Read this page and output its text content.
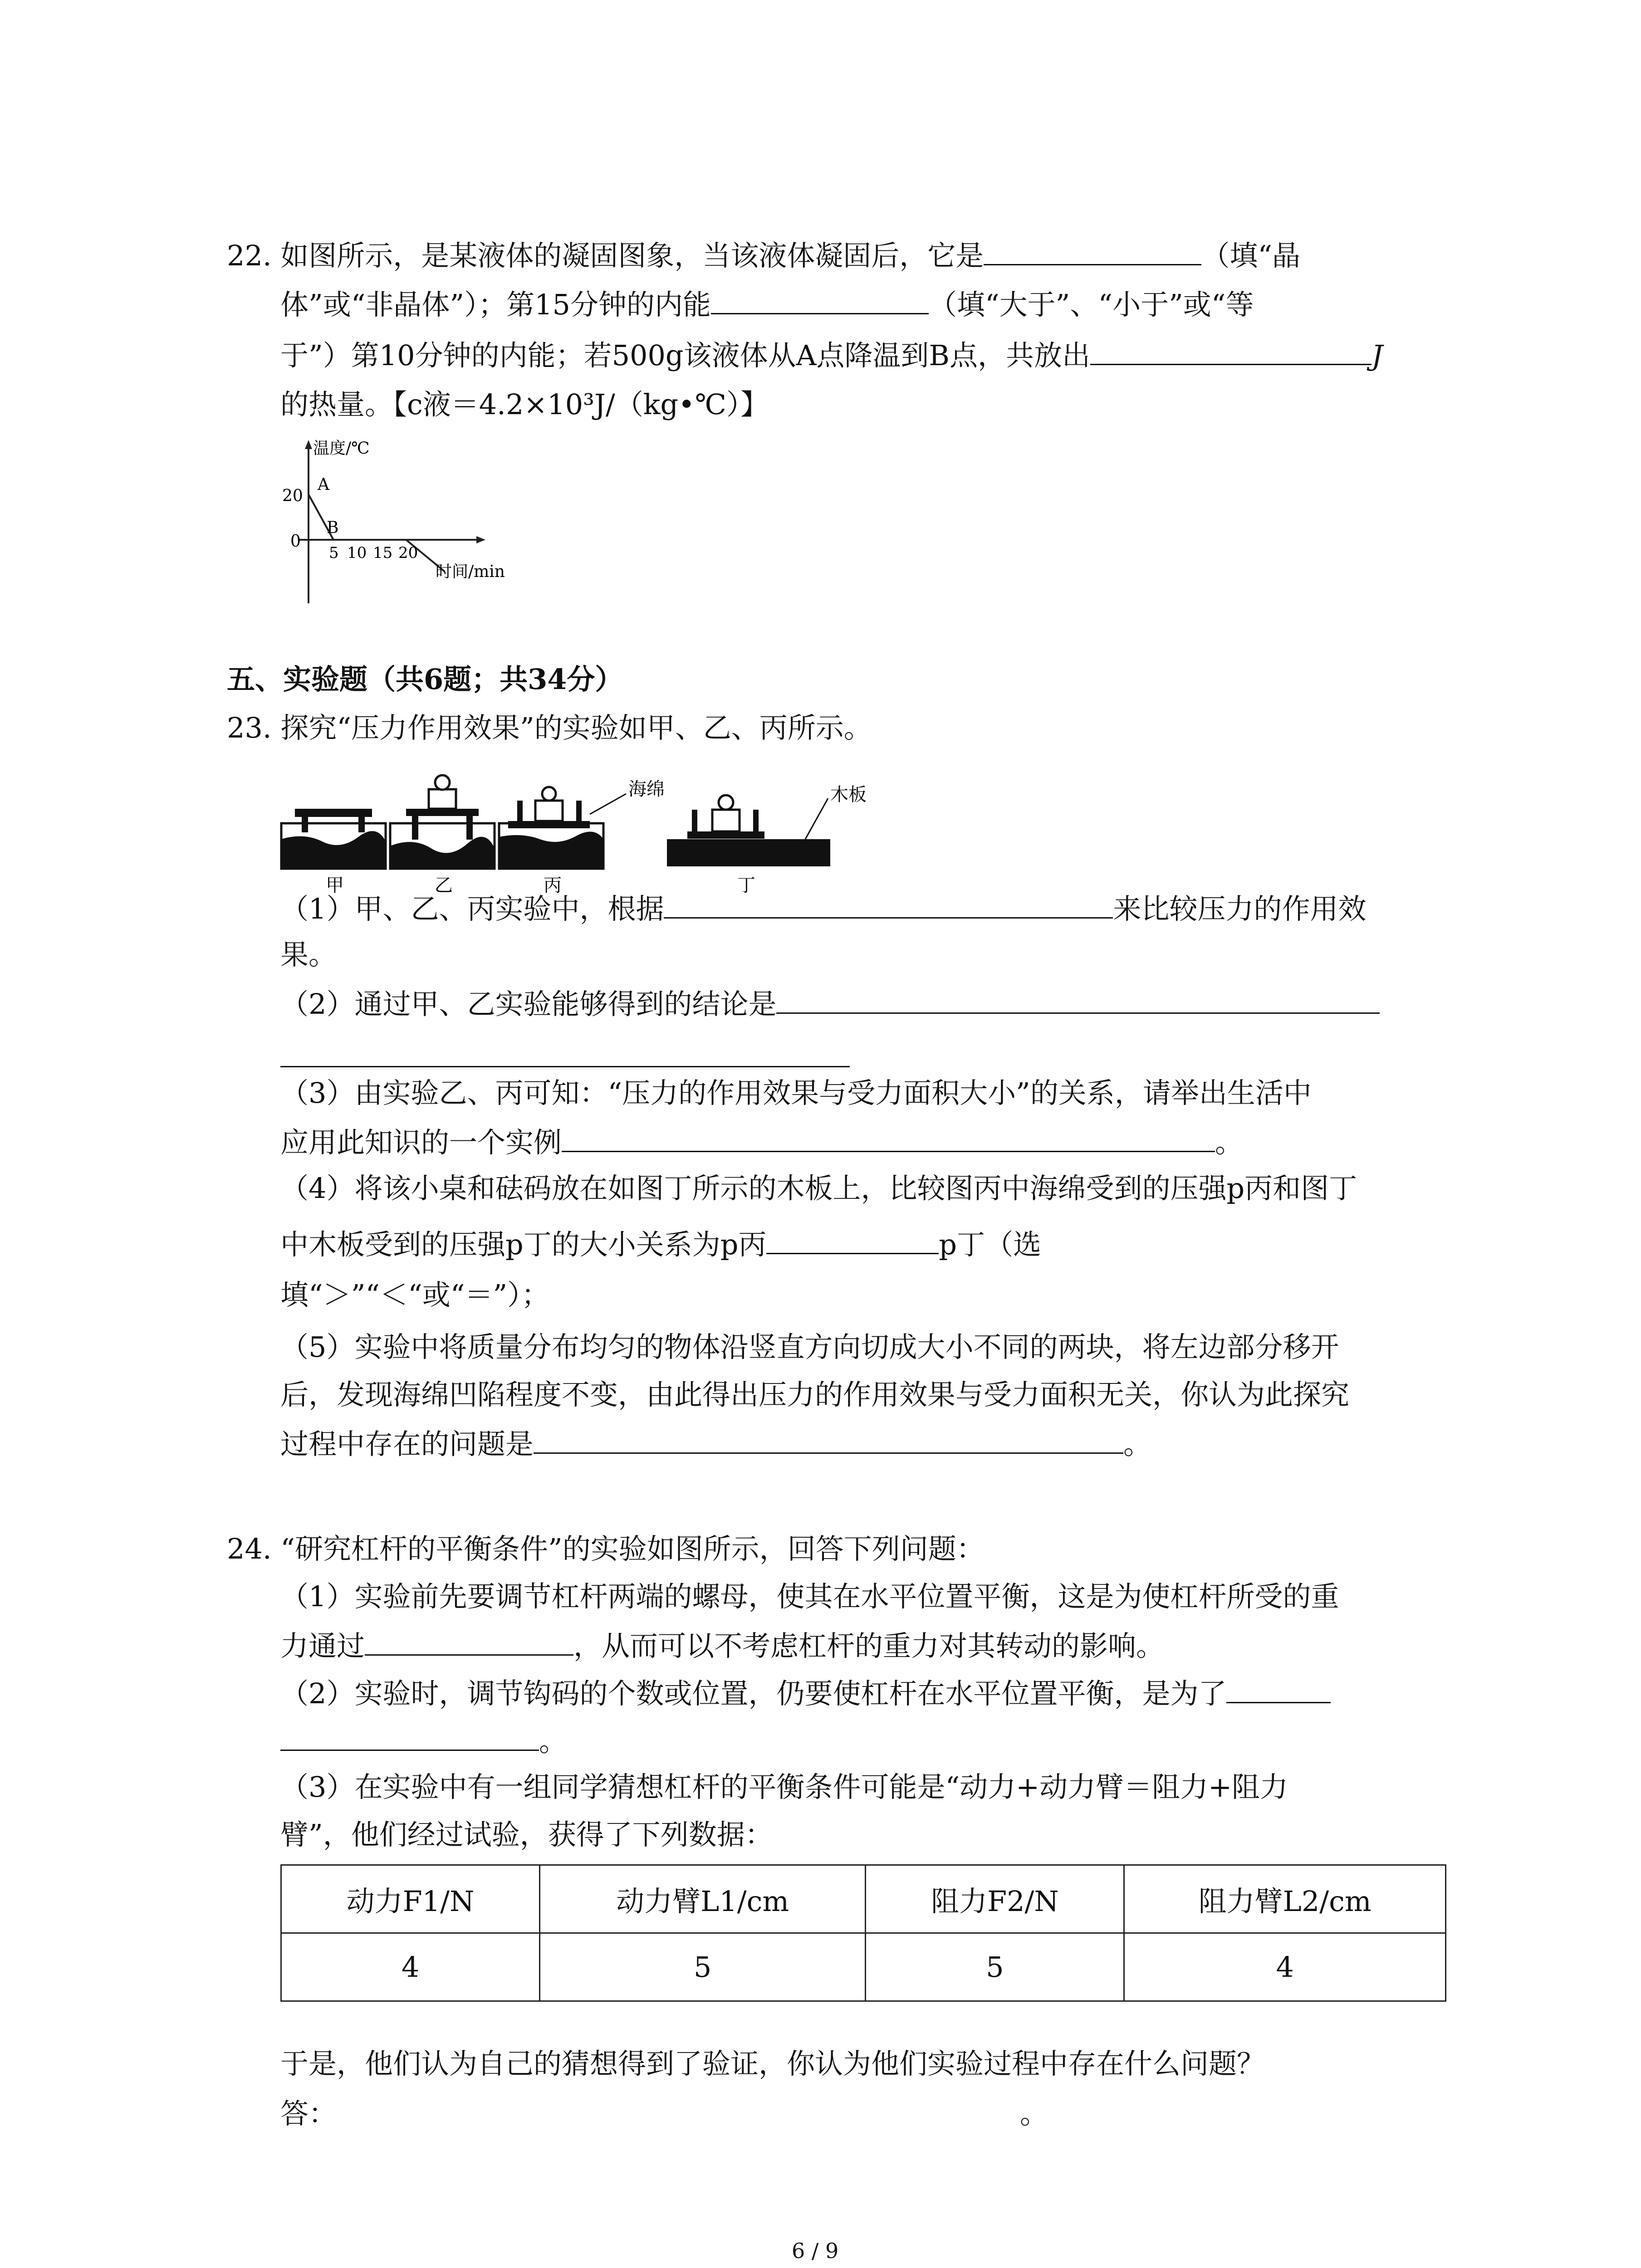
22. 如图所示，是某液体的凝固图象，当该液体凝固后，它是	（填“晶
体”或“非晶体”）；第15分钟的内能	（填“大于”、“小于”或“等
于”）第10分钟的内能；若500g该液体从A点降温到B点，共放出	J
的热量。【c液＝4.2×10³J/（kg•℃）】
温度/℃
时间/min
20
0
A
B
5 10 15 20
五、实验题（共6题；共34分）
23. 探究“压力作用效果”的实验如甲、乙、丙所示。
甲	乙
海绵
丙
木板
丁
（1）甲、乙、丙实验中，根据	来比较压力的作用效
果。
（2）通过甲、乙实验能够得到的结论是
（3）由实验乙、丙可知：“压力的作用效果与受力面积大小”的关系，请举出生活中
应用此知识的一个实例	。
（4）将该小桌和砝码放在如图丁所示的木板上，比较图丙中海绵受到的压强p丙和图丁
中木板受到的压强p丁的大小关系为p丙	p丁（选
填“＞”“＜“或“＝”）；
（5）实验中将质量分布均匀的物体沿竖直方向切成大小不同的两块，将左边部分移开
后，发现海绵凹陷程度不变，由此得出压力的作用效果与受力面积无关，你认为此探究
过程中存在的问题是	。
24. “研究杠杆的平衡条件”的实验如图所示，回答下列问题：
（1）实验前先要调节杠杆两端的螺母，使其在水平位置平衡，这是为使杠杆所受的重
力通过	，从而可以不考虑杠杆的重力对其转动的影响。
（2）实验时，调节钩码的个数或位置，仍要使杠杆在水平位置平衡，是为了
。
（3）在实验中有一组同学猜想杠杆的平衡条件可能是“动力+动力臂＝阻力+阻力
臂”，他们经过试验，获得了下列数据：
动力F1/N	动力臂L1/cm	阻力F2/N	阻力臂L2/cm
4	5	5	4
于是，他们认为自己的猜想得到了验证，你认为他们实验过程中存在什么问题？
答：	。
6 / 9
